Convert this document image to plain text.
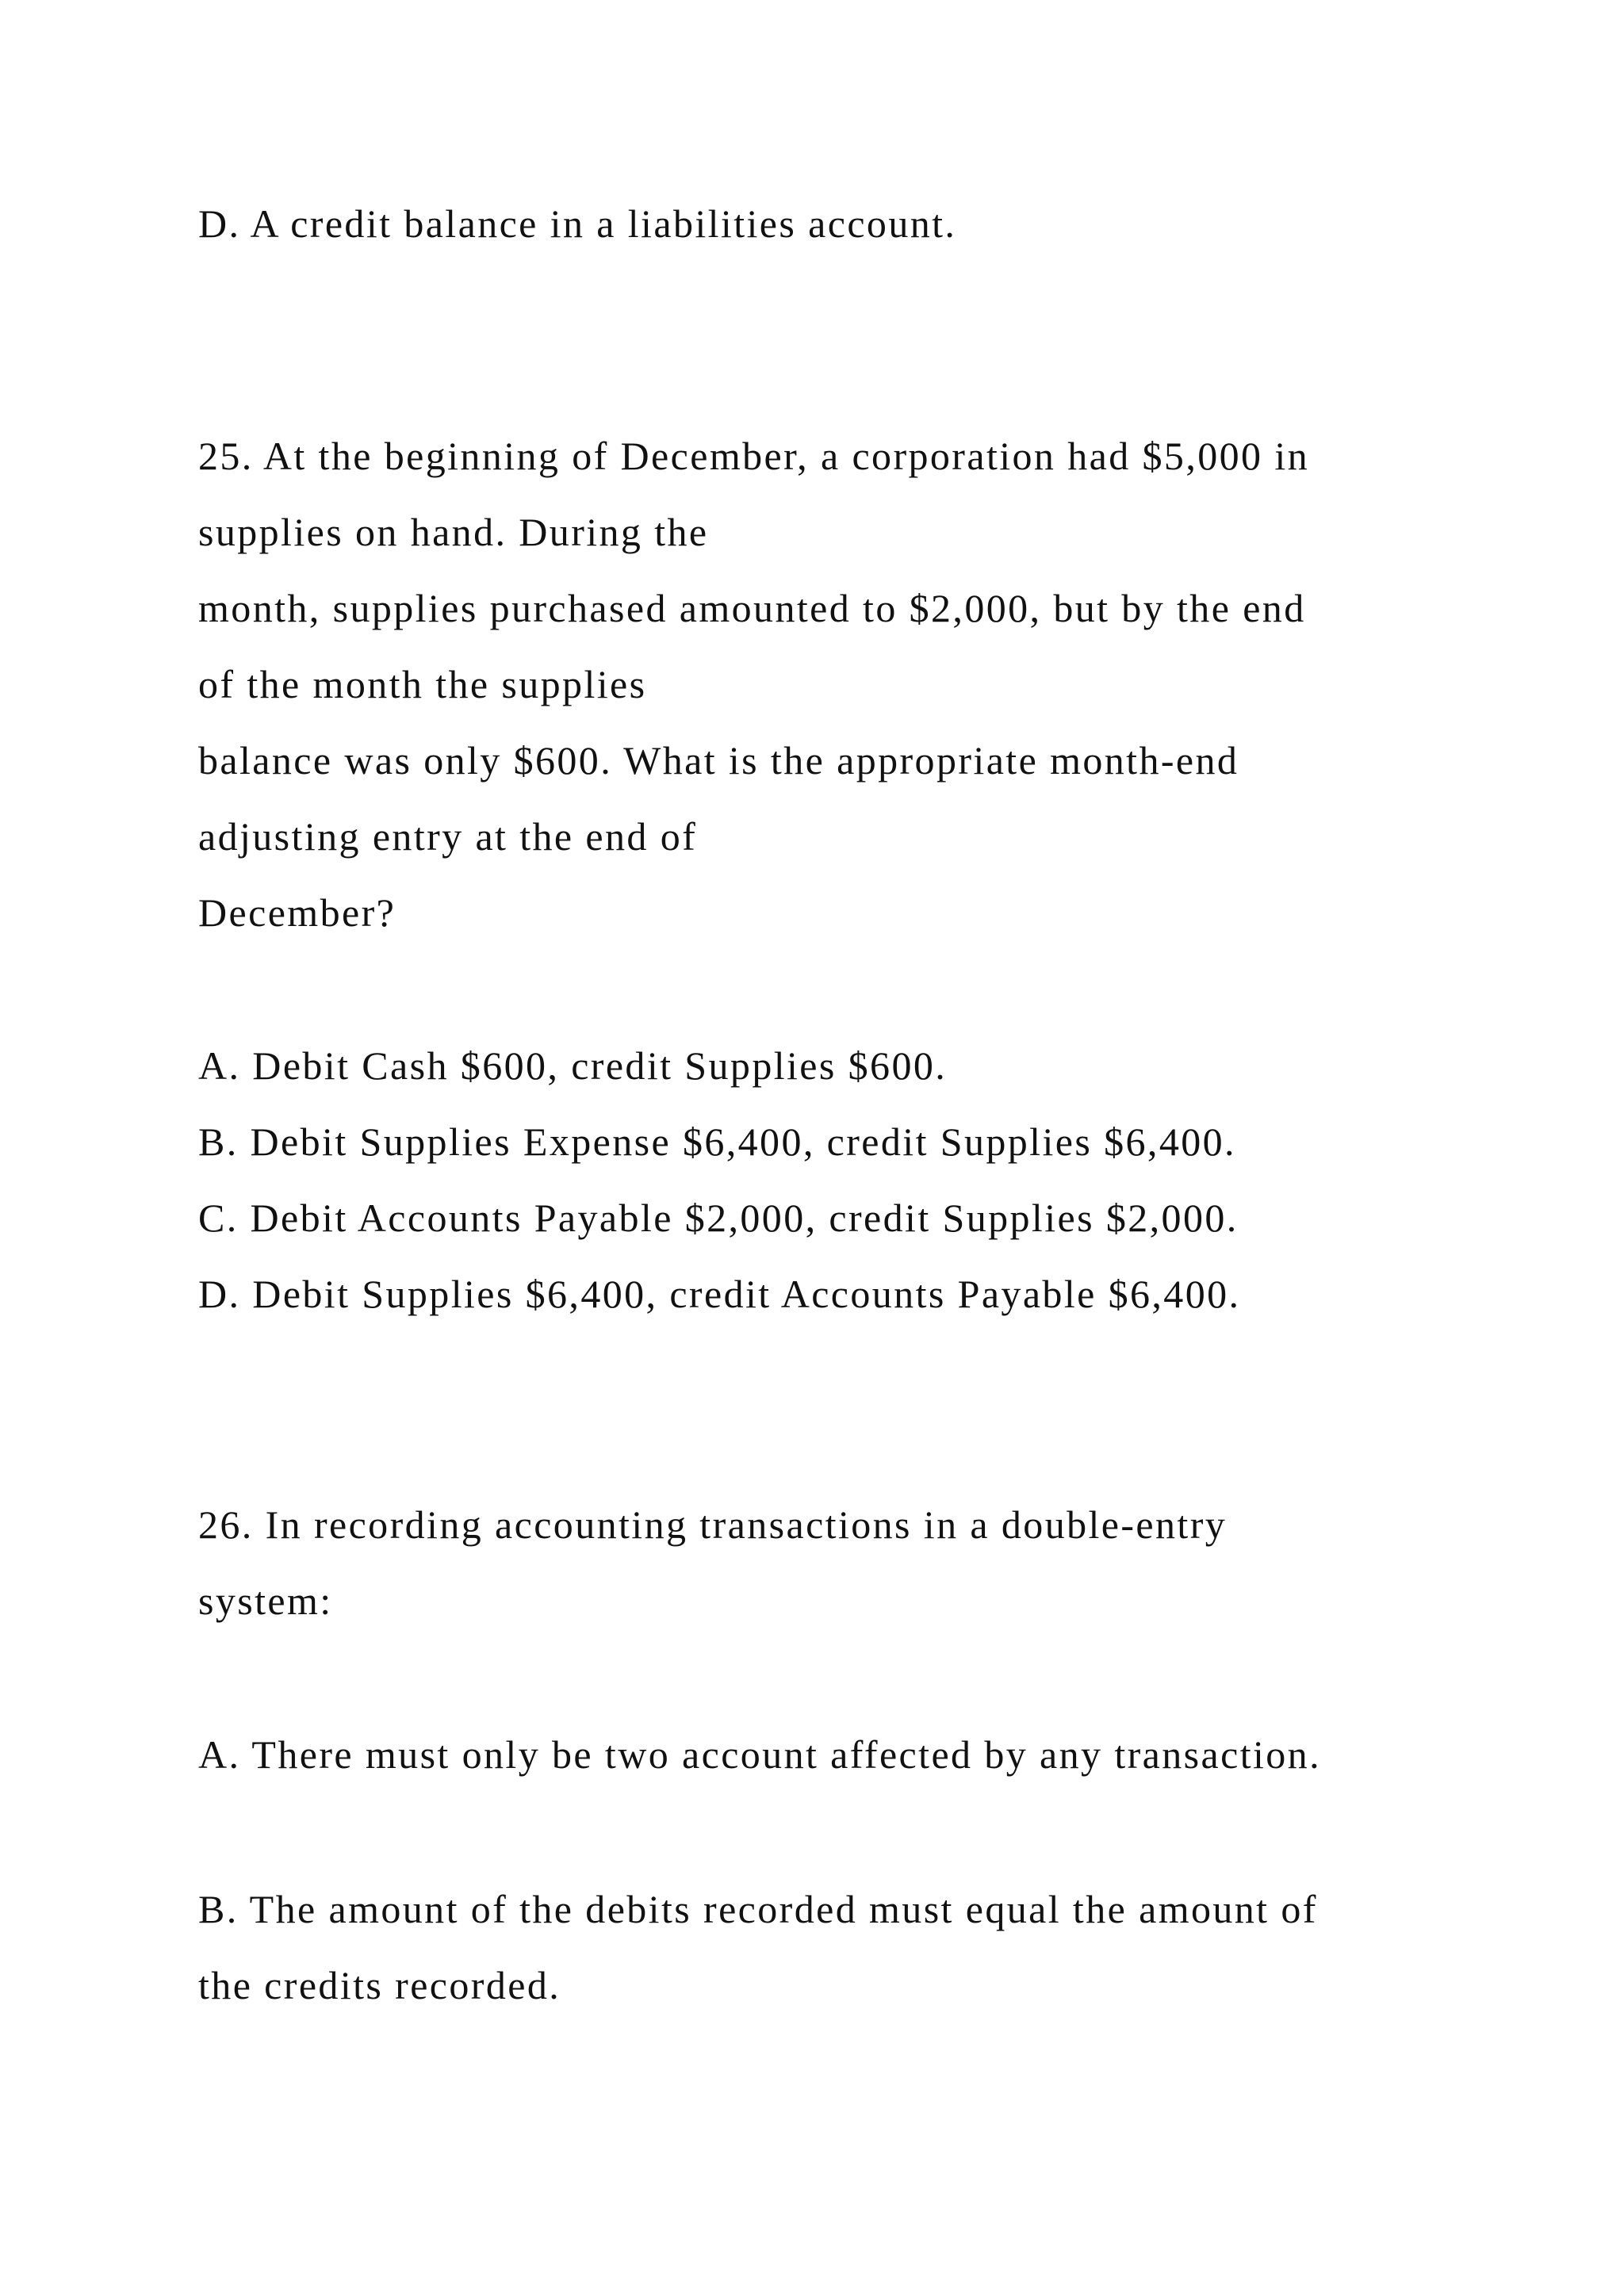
D. A credit balance in a liabilities account.
25. At the beginning of December, a corporation had $5,000 in
supplies on hand. During the
month, supplies purchased amounted to $2,000, but by the end
of the month the supplies
balance was only $600. What is the appropriate month-end
adjusting entry at the end of
December?
A. Debit Cash $600, credit Supplies $600.
B. Debit Supplies Expense $6,400, credit Supplies $6,400.
C. Debit Accounts Payable $2,000, credit Supplies $2,000.
D. Debit Supplies $6,400, credit Accounts Payable $6,400.
26. In recording accounting transactions in a double-entry
system:
A. There must only be two account affected by any transaction.
B. The amount of the debits recorded must equal the amount of
the credits recorded.
